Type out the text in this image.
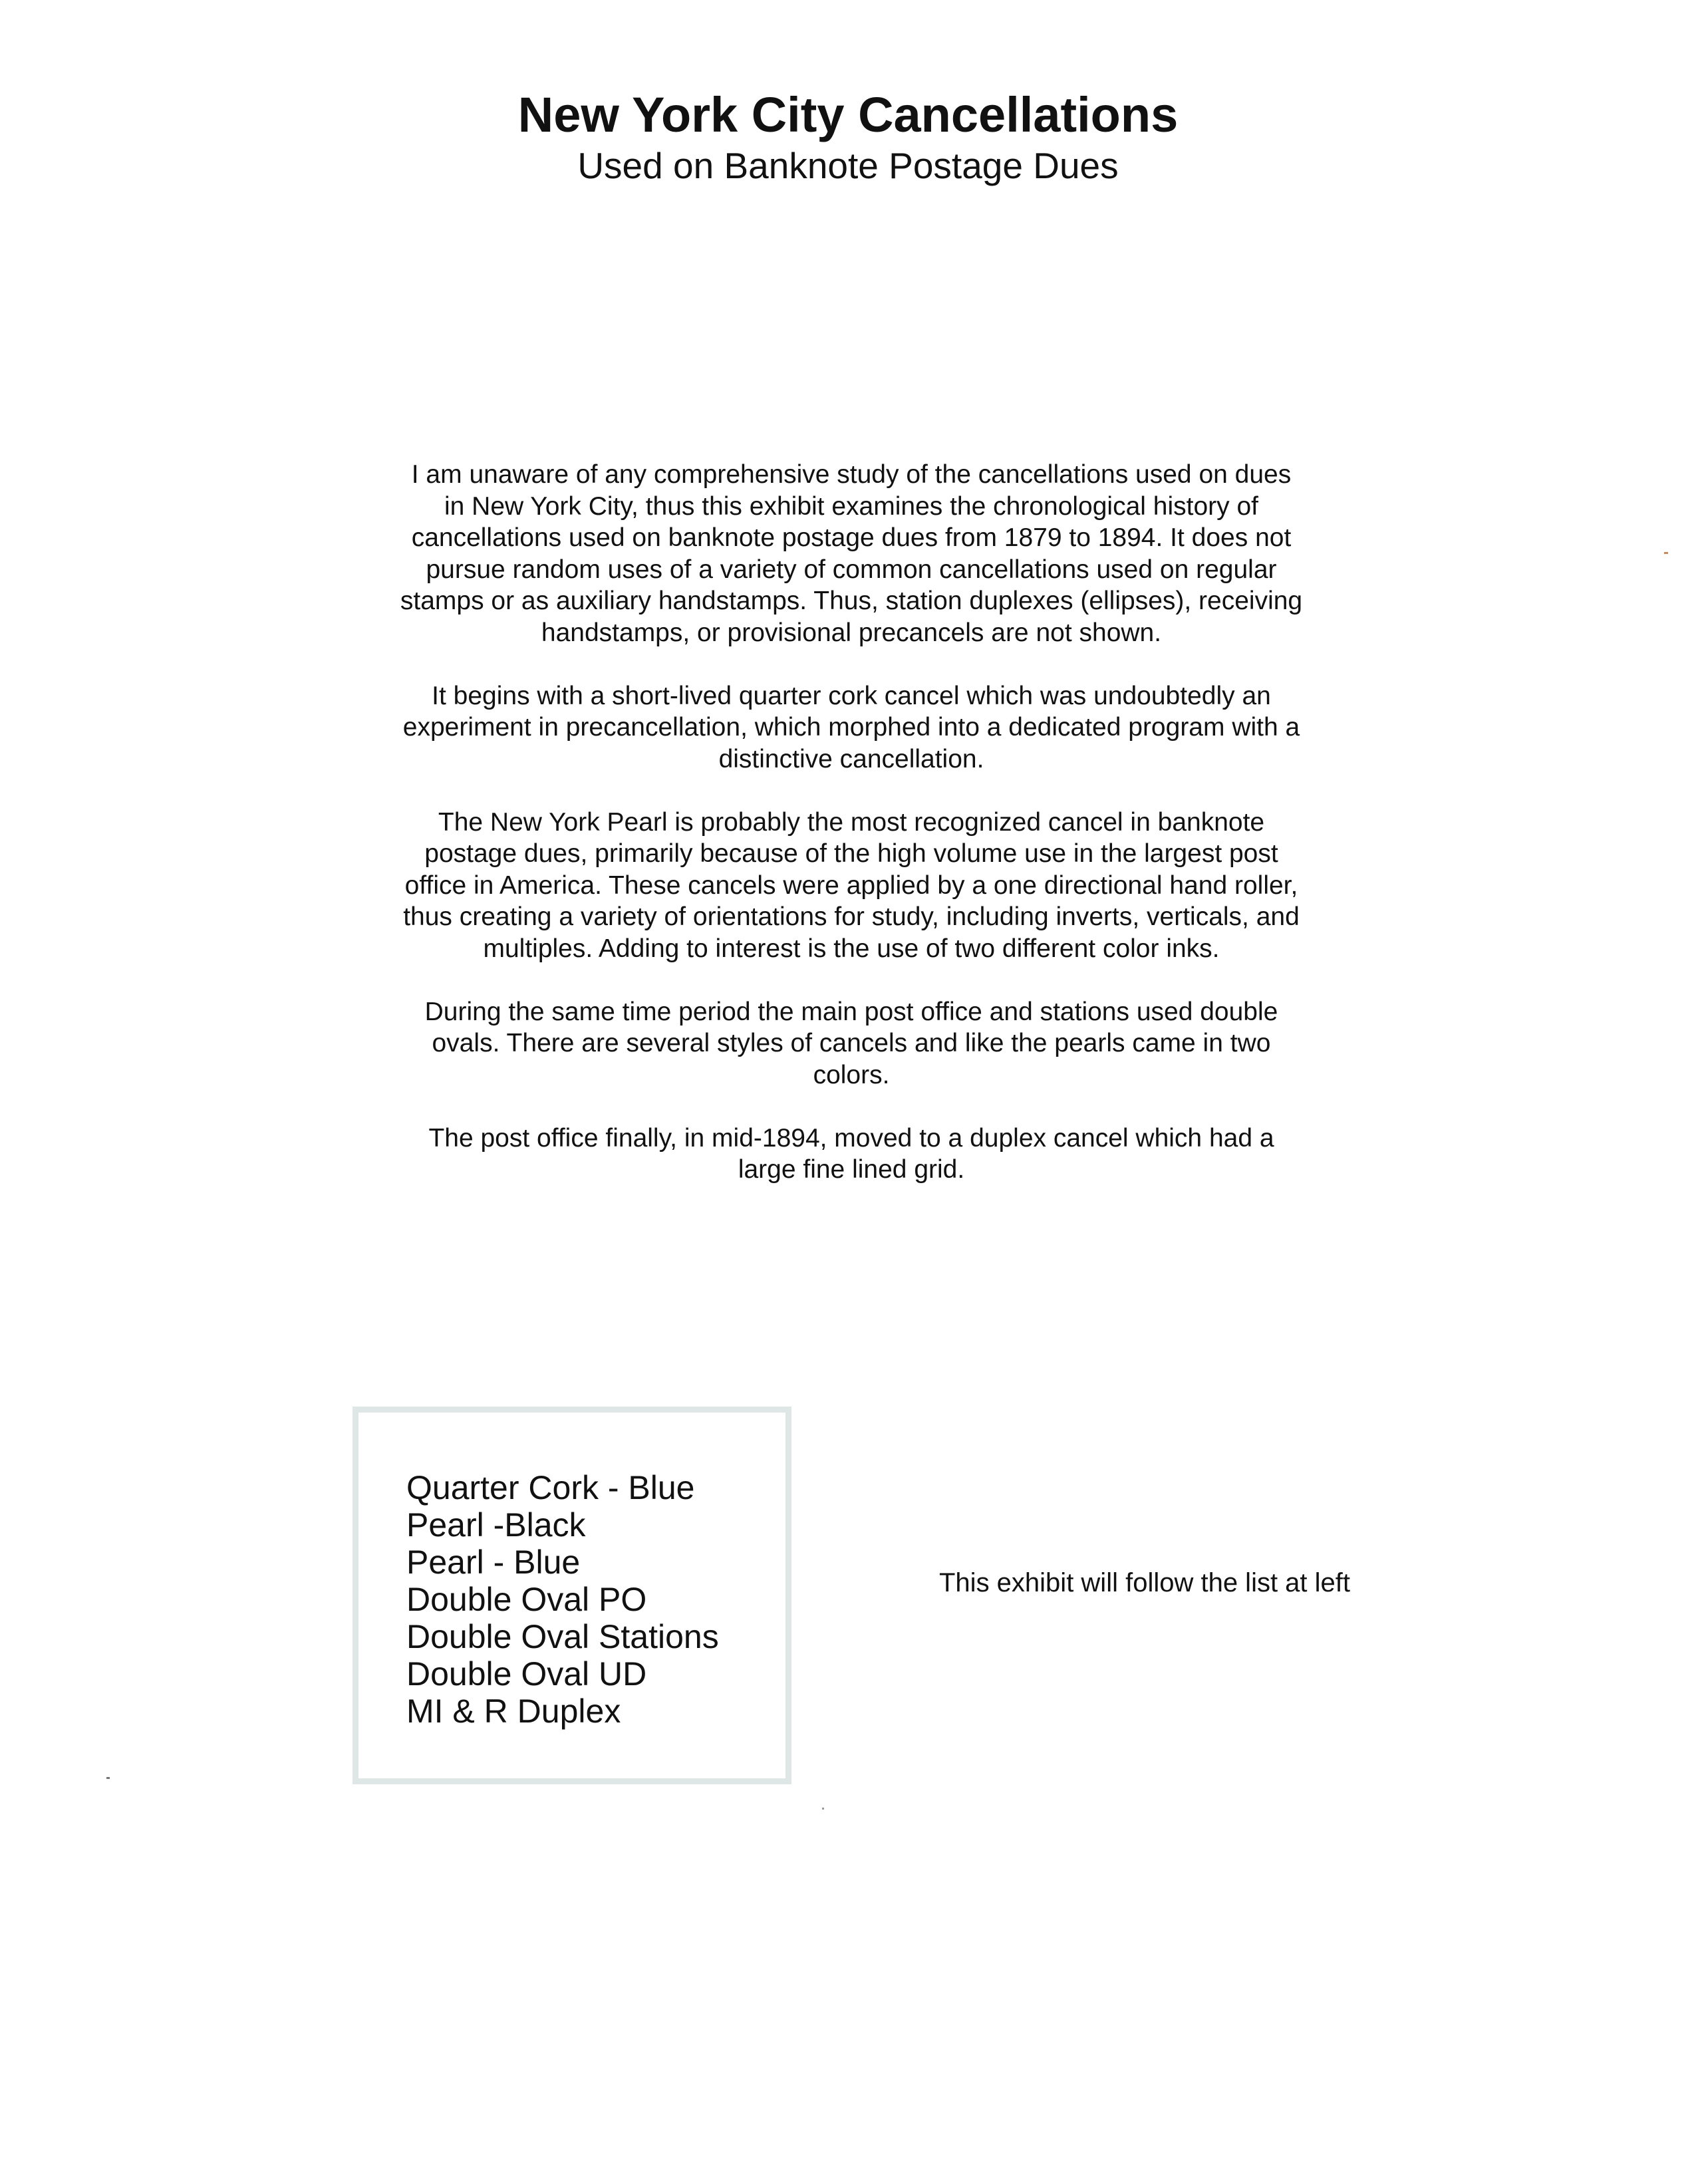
New York City Cancellations
Used on Banknote Postage Dues

I am unaware of any comprehensive study of the cancellations used on dues in New York City, thus this exhibit examines the chronological history of cancellations used on banknote postage dues from 1879 to 1894. It does not pursue random uses of a variety of common cancellations used on regular stamps or as auxiliary handstamps. Thus, station duplexes (ellipses), receiving handstamps, or provisional precancels are not shown.

It begins with a short-lived quarter cork cancel which was undoubtedly an experiment in precancellation, which morphed into a dedicated program with a distinctive cancellation.

The New York Pearl is probably the most recognized cancel in banknote postage dues, primarily because of the high volume use in the largest post office in America. These cancels were applied by a one directional hand roller, thus creating a variety of orientations for study, including inverts, verticals, and multiples. Adding to interest is the use of two different color inks.

During the same time period the main post office and stations used double ovals. There are several styles of cancels and like the pearls came in two colors.

The post office finally, in mid-1894, moved to a duplex cancel which had a large fine lined grid.

Quarter Cork - Blue
Pearl -Black
Pearl - Blue
Double Oval PO
Double Oval Stations
Double Oval UD
MI & R Duplex
This exhibit will follow the list at left
